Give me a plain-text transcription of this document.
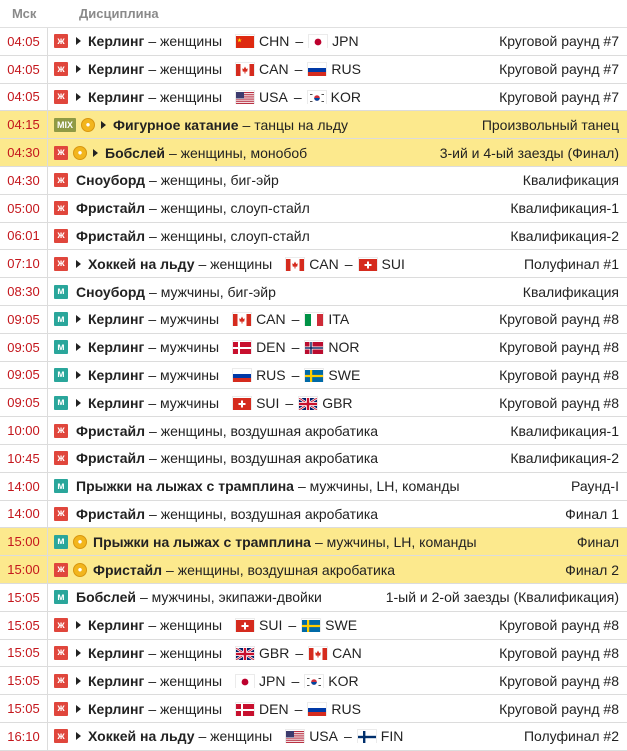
Мск	Дисциплина
04:05	ж Керлинг – женщины	CHN – JPN	Круговой раунд #7
04:05	ж Керлинг – женщины	CAN – RUS	Круговой раунд #7
04:05	ж Керлинг – женщины	USA – KOR	Круговой раунд #7
04:15	MIX	●	Фигурное катание – танцы на льду	Произвольный танец
04:30	ж	●	Бобслей – женщины, монобоб	3-ий и 4-ый заезды (Финал)
04:30	ж Сноуборд – женщины, биг-эйр	Квалификация
05:00	ж Фристайл – женщины, слоуп-стайл	Квалификация-1
06:01	ж Фристайл – женщины, слоуп-стайл	Квалификация-2
07:10	ж Хоккей на льду – женщины	CAN – SUI	Полуфинал #1
08:30	м Сноуборд – мужчины, биг-эйр	Квалификация
09:05	м Керлинг – мужчины	CAN – ITA	Круговой раунд #8
09:05	м Керлинг – мужчины	DEN – NOR	Круговой раунд #8
09:05	м Керлинг – мужчины	RUS – SWE	Круговой раунд #8
09:05	м Керлинг – мужчины	SUI – GBR	Круговой раунд #8
10:00	ж Фристайл – женщины, воздушная акробатика	Квалификация-1
10:45	ж Фристайл – женщины, воздушная акробатика	Квалификация-2
14:00	м Прыжки на лыжах с трамплина – мужчины, LH, команды	Раунд-I
14:00	ж Фристайл – женщины, воздушная акробатика	Финал 1
15:00	м	● Прыжки на лыжах с трамплина – мужчины, LH, команды	Финал
15:00	ж	● Фристайл – женщины, воздушная акробатика	Финал 2
15:05	м Бобслей – мужчины, экипажи-двойки	1-ый и 2-ой заезды (Квалификация)
15:05	ж Керлинг – женщины	SUI – SWE	Круговой раунд #8
15:05	ж Керлинг – женщины	GBR – CAN	Круговой раунд #8
15:05	ж Керлинг – женщины	JPN – KOR	Круговой раунд #8
15:05	ж Керлинг – женщины	DEN – RUS	Круговой раунд #8
16:10	ж Хоккей на льду – женщины	USA – FIN	Полуфинал #2
